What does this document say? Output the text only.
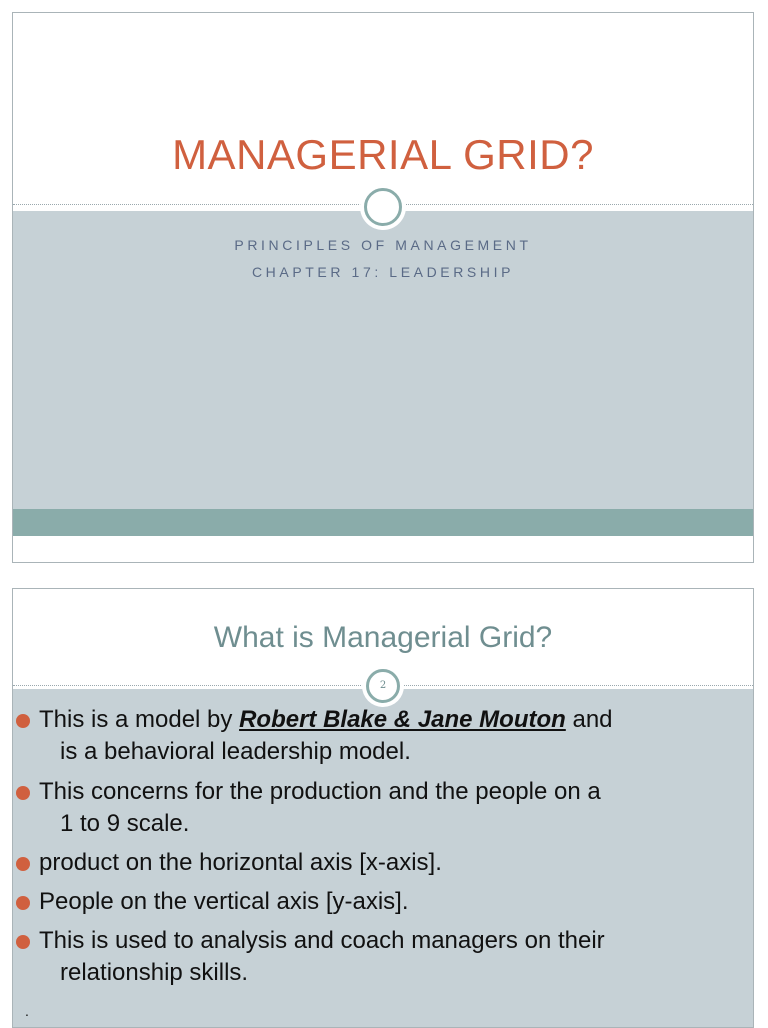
MANAGERIAL GRID?
PRINCIPLES OF MANAGEMENT
CHAPTER 17: LEADERSHIP
What is Managerial Grid?
2
This is a model by Robert Blake & Jane Mouton and
is a behavioral leadership model.
This concerns for the production and the people on a
1 to 9 scale.
product on the horizontal axis [x-axis].
People on the vertical axis [y-axis].
This is used to analysis and coach managers on their
relationship skills.
.
